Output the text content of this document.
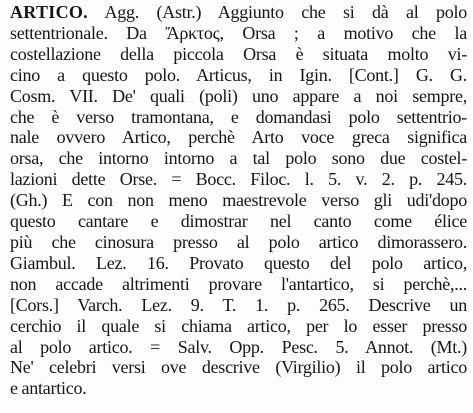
ARTICO. Agg. (Astr.) Aggiunto che si dà al polo
settentrionale. Da Ἄρκτος, Orsa ; a motivo che la
costellazione della piccola Orsa è situata molto vi-
cino a questo polo. Articus, in Igin. [Cont.] G. G.
Cosm. VII. De' quali (poli) uno appare a noi sempre,
che è verso tramontana, e domandasi polo settentrio-
nale ovvero Artico, perchè Arto voce greca significa
orsa, che intorno intorno a tal polo sono due costel-
lazioni dette Orse. = Bocc. Filoc. l. 5. v. 2. p. 245.
(Gh.) E con non meno maestrevole verso gli udi'dopo
questo cantare e dimostrar nel canto come élice
più che cinosura presso al polo artico dimorassero.
Giambul. Lez. 16. Provato questo del polo artico,
non accade altrimenti provare l'antartico, si perchè,...
[Cors.] Varch. Lez. 9. T. 1. p. 265. Descrive un
cerchio il quale si chiama artico, per lo esser presso
al polo artico. = Salv. Opp. Pesc. 5. Annot. (Mt.)
Ne' celebri versi ove descrive (Virgilio) il polo artico
e antartico.
